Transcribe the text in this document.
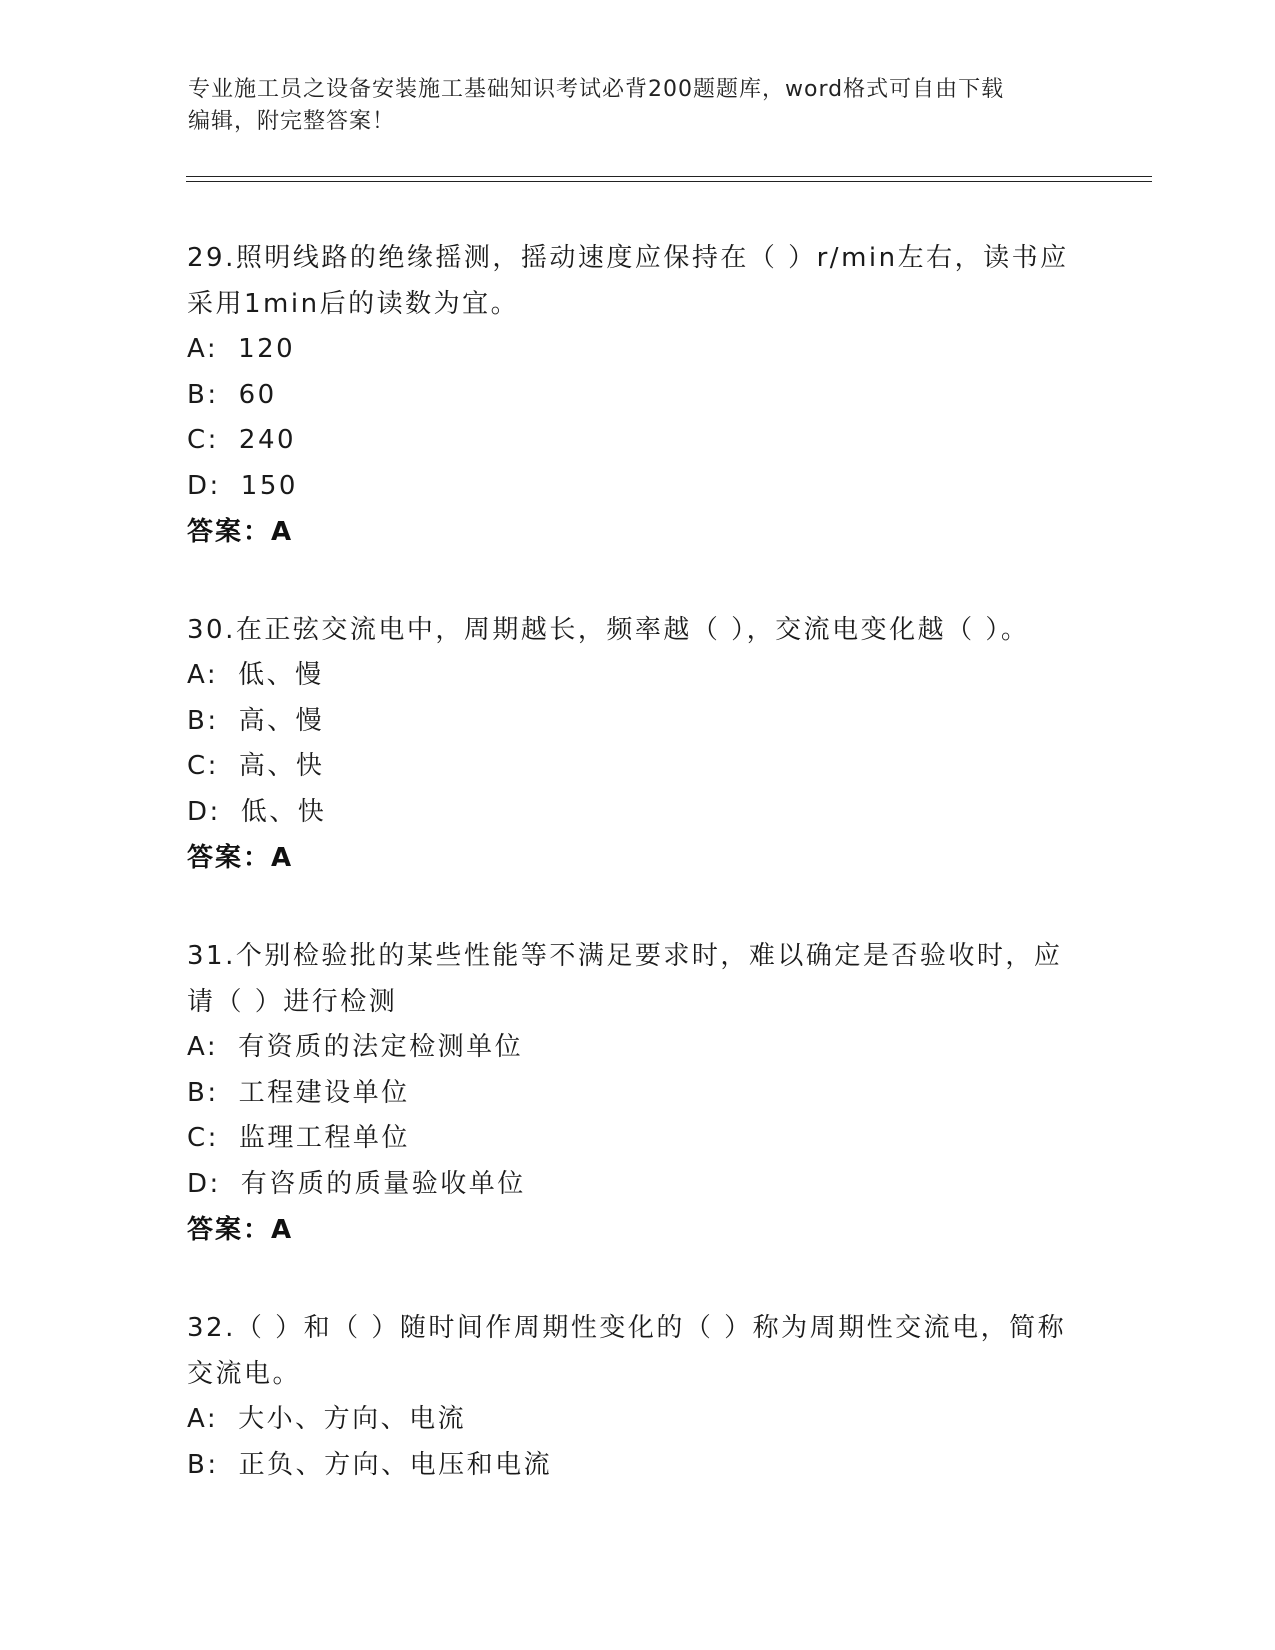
专业施工员之设备安装施工基础知识考试必背200题题库，word格式可自由下载
编辑，附完整答案！
29.照明线路的绝缘摇测，摇动速度应保持在（ ）r/min左右，读书应采用1min后的读数为宜。
A: 120
B: 60
C: 240
D: 150
答案：A
30.在正弦交流电中，周期越长，频率越（ ），交流电变化越（ ）。
A: 低、慢
B: 高、慢
C: 高、快
D: 低、快
答案：A
31.个别检验批的某些性能等不满足要求时，难以确定是否验收时，应请（ ）进行检测
A: 有资质的法定检测单位
B: 工程建设单位
C: 监理工程单位
D: 有咨质的质量验收单位
答案：A
32.（ ）和（ ）随时间作周期性变化的（ ）称为周期性交流电，简称交流电。
A: 大小、方向、电流
B: 正负、方向、电压和电流
